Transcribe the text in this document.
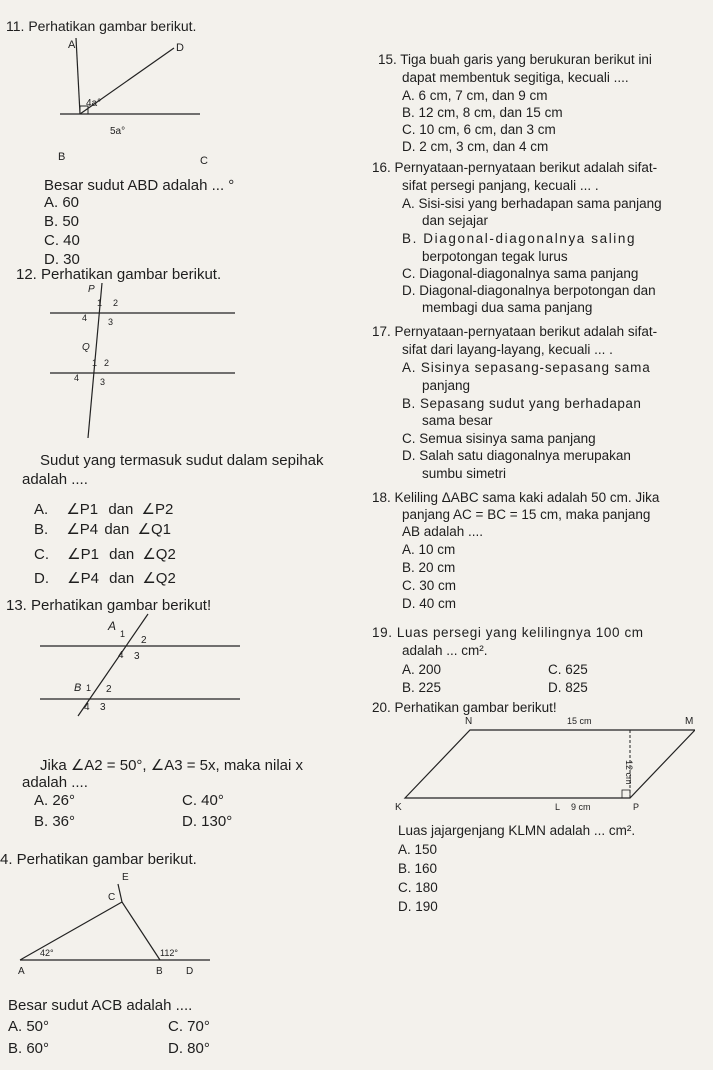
11. Perhatikan gambar berikut.
A	D
B	C
4a°
5a°
Besar sudut ABD adalah ... °
A. 60
B. 50
C. 40
D. 30
12. Perhatikan gambar berikut.
P
1 2
4 3
Q
1 2
4 3
Sudut yang termasuk sudut dalam sepihak
adalah ....
A. ∠P1 dan ∠P2
B. ∠P4 dan ∠Q1
C. ∠P1 dan ∠Q2
D. ∠P4 dan ∠Q2
13. Perhatikan gambar berikut!
A
1
2
4 3
B 1 2
4 3
Jika ∠A2 = 50°, ∠A3 = 5x, maka nilai x
adalah ....
A. 26°
B. 36°
C. 40°
D. 130°
4. Perhatikan gambar berikut.
E
C
A	B D
42°	112°
Besar sudut ACB adalah ....
A. 50°
B. 60°
C. 70°
D. 80°
15. Tiga buah garis yang berukuran berikut ini
dapat membentuk segitiga, kecuali ....
A. 6 cm, 7 cm, dan 9 cm
B. 12 cm, 8 cm, dan 15 cm
C. 10 cm, 6 cm, dan 3 cm
D. 2 cm, 3 cm, dan 4 cm
16. Pernyataan-pernyataan berikut adalah sifat-
sifat persegi panjang, kecuali ... .
A. Sisi-sisi yang berhadapan sama panjang
dan sejajar
B. Diagonal-diagonalnya saling
berpotongan tegak lurus
C. Diagonal-diagonalnya sama panjang
D. Diagonal-diagonalnya berpotongan dan
membagi dua sama panjang
17. Pernyataan-pernyataan berikut adalah sifat-
sifat dari layang-layang, kecuali ... .
A. Sisinya sepasang-sepasang sama
panjang
B. Sepasang sudut yang berhadapan
sama besar
C. Semua sisinya sama panjang
D. Salah satu diagonalnya merupakan
sumbu simetri
18. Keliling ΔABC sama kaki adalah 50 cm. Jika
panjang AC = BC = 15 cm, maka panjang
AB adalah ....
A. 10 cm
B. 20 cm
C. 30 cm
D. 40 cm
19. Luas persegi yang kelilingnya 100 cm
adalah ... cm².
A. 200
B. 225
C. 625
D. 825
20. Perhatikan gambar berikut!
N	M
K	L	P
15 cm
9 cm
12 cm
Luas jajargenjang KLMN adalah ... cm².
A. 150
B. 160
C. 180
D. 190
